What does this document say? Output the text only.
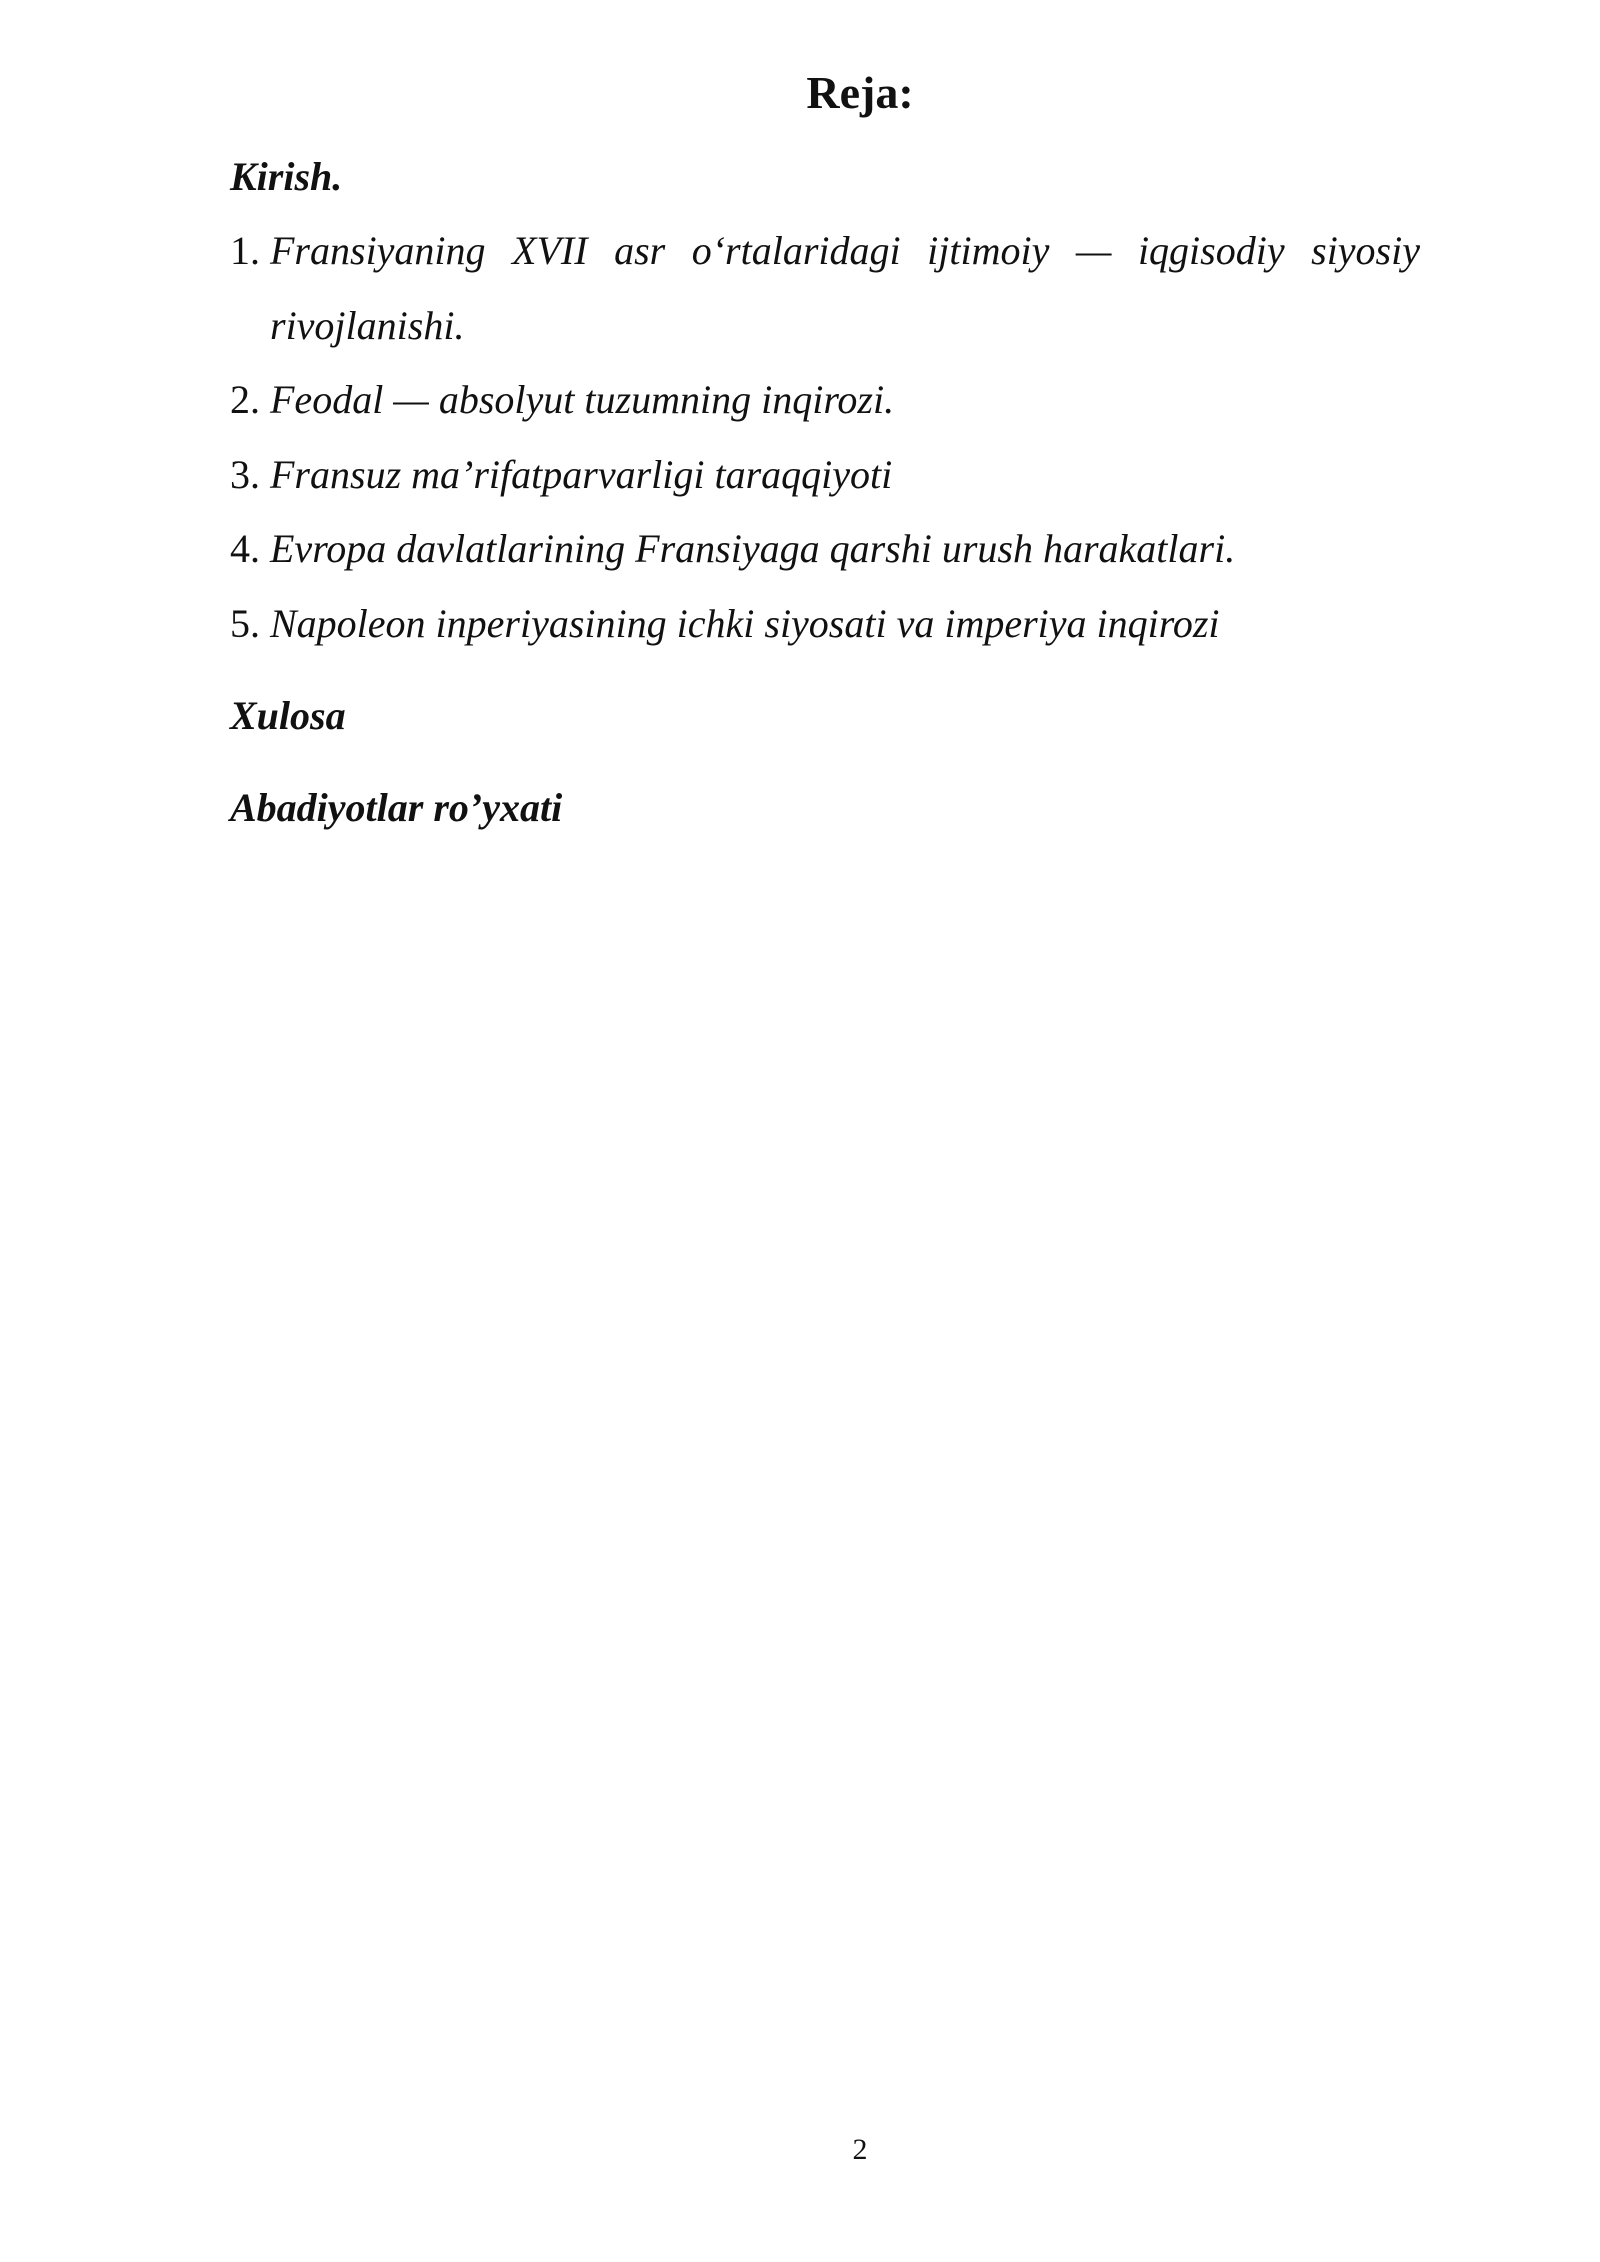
Reja:

Kirish.

1. Fransiyaning XVII asr o‘rtalaridagi ijtimoiy — iqgisodiy siyosiy rivojlanishi.
2. Feodal — absolyut tuzumning inqirozi.
3. Fransuz ma’rifatparvarligi taraqqiyoti
4. Evropa davlatlarining Fransiyaga qarshi urush harakatlari.
5. Napoleon inperiyasining ichki siyosati va imperiya inqirozi

Xulosa

Abadiyotlar ro’yxati

2
